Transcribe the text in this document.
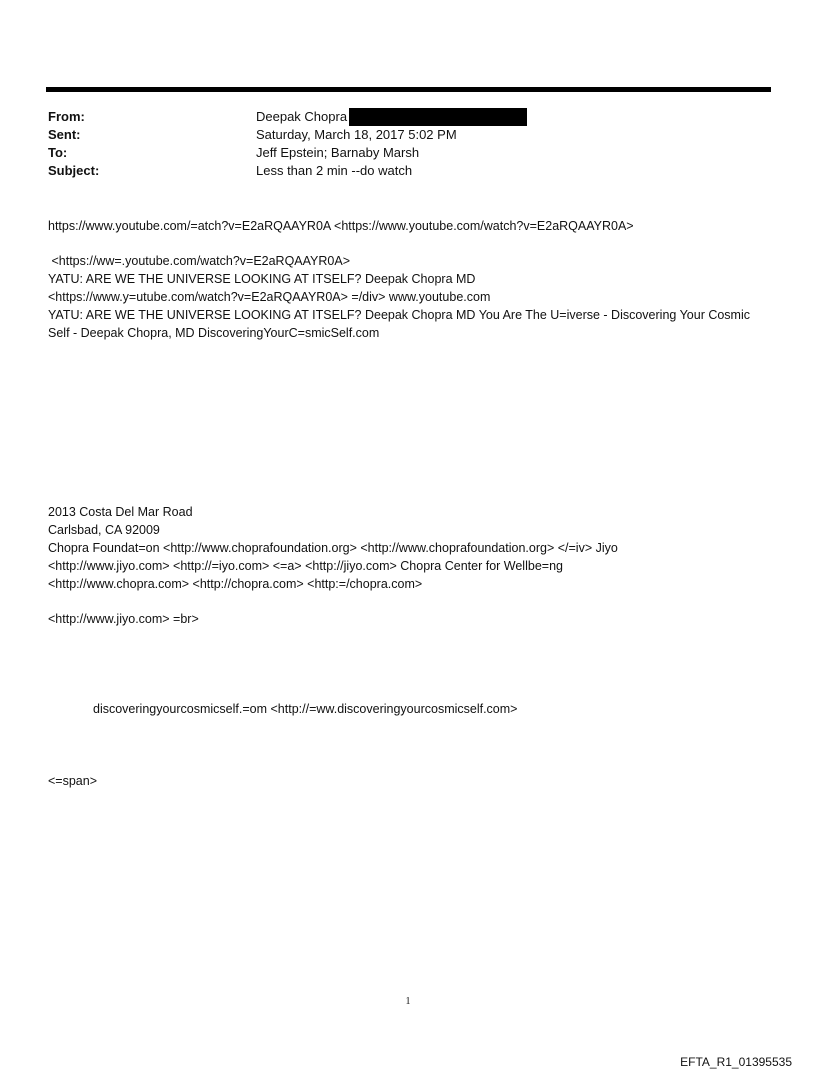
From:	Deepak Chopra
Sent:	Saturday, March 18, 2017 5:02 PM
To:	Jeff Epstein; Barnaby Marsh
Subject:	Less than 2 min --do watch
https://www.youtube.com/=atch?v=E2aRQAAYR0A <https://www.youtube.com/watch?v=E2aRQAAYR0A>
<https://ww=.youtube.com/watch?v=E2aRQAAYR0A>
YATU: ARE WE THE UNIVERSE LOOKING AT ITSELF? Deepak Chopra MD
<https://www.y=utube.com/watch?v=E2aRQAAYR0A> =/div> www.youtube.com
YATU: ARE WE THE UNIVERSE LOOKING AT ITSELF? Deepak Chopra MD You Are The U=iverse - Discovering Your Cosmic
Self - Deepak Chopra, MD DiscoveringYourC=smicSelf.com
2013 Costa Del Mar Road
Carlsbad, CA 92009
Chopra Foundat=on <http://www.choprafoundation.org> <http://www.choprafoundation.org> </=iv> Jiyo
<http://www.jiyo.com> <http://=iyo.com> <=a> <http://jiyo.com> Chopra Center for Wellbe=ng
<http://www.chopra.com> <http://chopra.com> <http:=/chopra.com>
<http://www.jiyo.com> =br>
discoveringyourcosmicself.=om <http://=ww.discoveringyourcosmicself.com>
<=span>
1
EFTA_R1_01395535
